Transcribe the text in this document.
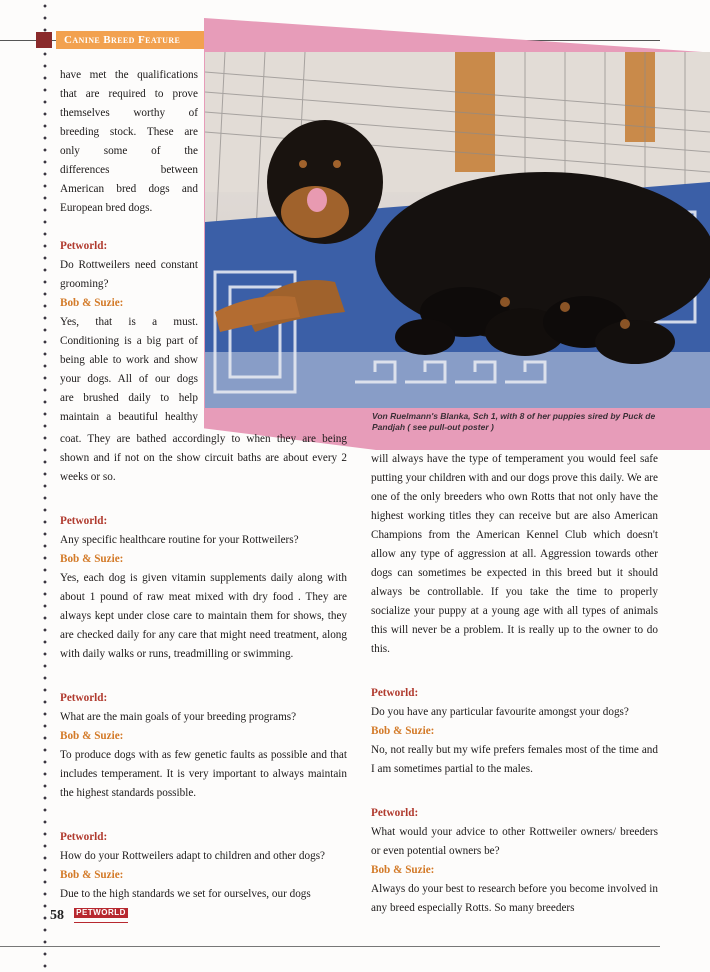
Canine Breed Feature
Von Ruelmann's Blanka, Sch 1, with 8 of her puppies sired by Puck de Pandjah ( see pull-out poster )

have met the qualifications

that are required to prove

themselves worthy of

breeding stock. These are

only some of the

differences between

American bred dogs and

European bred dogs.

Petworld:

Do Rottweilers need constant grooming?

Bob & Suzie:

Yes, that is a must.

Conditioning is a big part of

being able to work and show

your dogs. All of our dogs

are brushed daily to help

maintain a beautiful healthy

coat. They are bathed accordingly to when they are being shown and if not on the show circuit baths are about every 2 weeks or so.

Petworld:

Any specific healthcare routine for your Rottweilers?

Bob & Suzie:

Yes, each dog is given vitamin supplements daily along with about 1 pound of raw meat mixed with dry food . They are always kept under close care to maintain them for shows, they are checked daily for any care that might need treatment, along with daily walks or runs, treadmilling or swimming.

Petworld:

What are the main goals of your breeding programs?

Bob & Suzie:

To produce dogs with as few genetic faults as possible and that includes temperament. It is very important to always maintain the highest standards possible.

Petworld:

How do your Rottweilers adapt to children and other dogs?

Bob & Suzie:

Due to the high standards we set for ourselves, our dogs

will always have the type of temperament you would feel safe putting your children with and our dogs prove this daily. We are one of the only breeders who own Rotts that not only have the highest working titles they can receive but are also American Champions from the American Kennel Club which doesn't allow any type of aggression at all. Aggression towards other dogs can sometimes be expected in this breed but it should always be controllable. If you take the time to properly socialize your puppy at a young age with all types of animals this will never be a problem. It is really up to the owner to do this.

Petworld:

Do you have any particular favourite amongst your dogs?

Bob & Suzie:

No, not really but my wife prefers females most of the time and I am sometimes partial to the males.

Petworld:

What would your advice to other Rottweiler owners/ breeders or even potential owners be?

Bob & Suzie:

Always do your best to research before you become involved in any breed especially Rotts. So many breeders

58 PETWORLD
